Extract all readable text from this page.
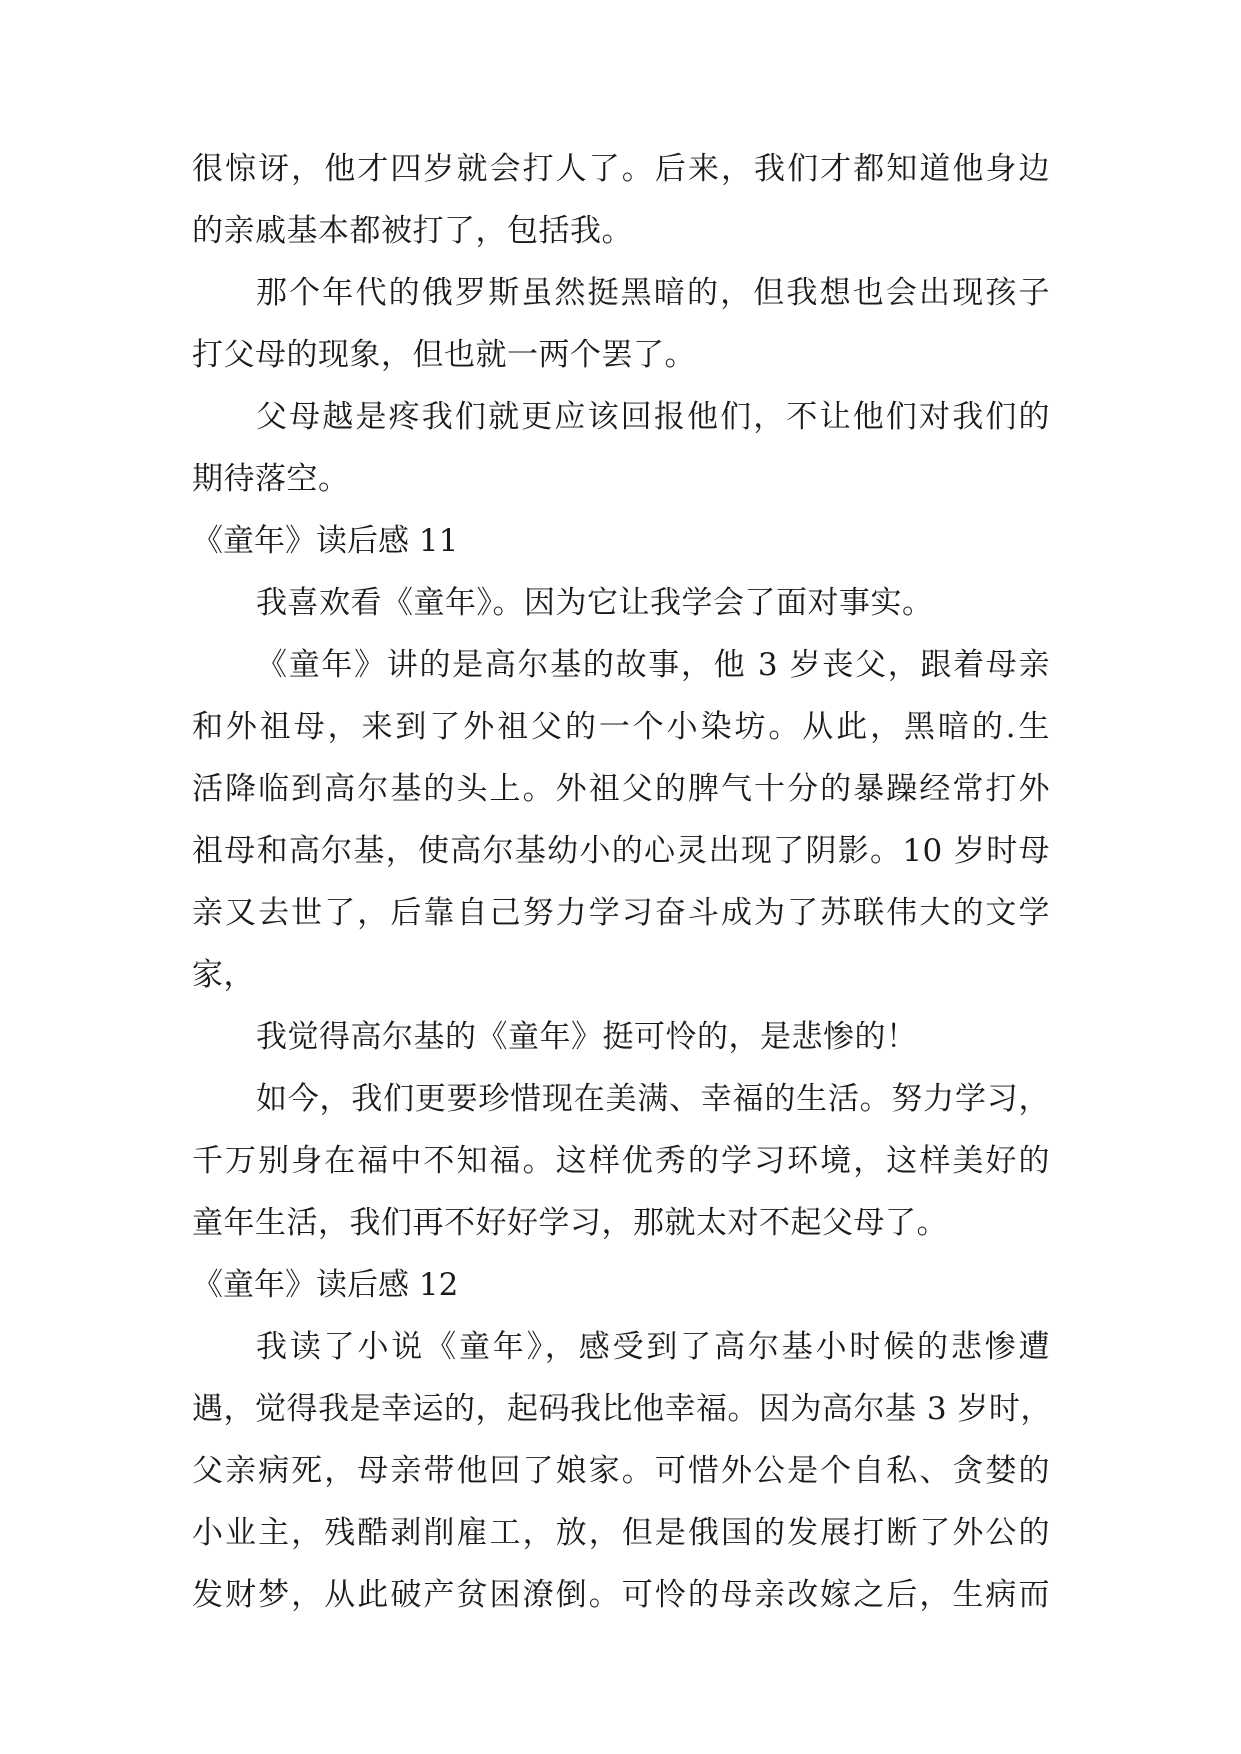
很惊讶，他才四岁就会打人了。后来，我们才都知道他身边
的亲戚基本都被打了，包括我。
那个年代的俄罗斯虽然挺黑暗的，但我想也会出现孩子
打父母的现象，但也就一两个罢了。
父母越是疼我们就更应该回报他们，不让他们对我们的
期待落空。
《童年》读后感 11
我喜欢看《童年》。因为它让我学会了面对事实。
《童年》讲的是高尔基的故事，他 3 岁丧父，跟着母亲
和外祖母，来到了外祖父的一个小染坊。从此，黑暗的.生
活降临到高尔基的头上。外祖父的脾气十分的暴躁经常打外
祖母和高尔基，使高尔基幼小的心灵出现了阴影。10 岁时母
亲又去世了，后靠自己努力学习奋斗成为了苏联伟大的文学
家，
我觉得高尔基的《童年》挺可怜的，是悲惨的！
如今，我们更要珍惜现在美满、幸福的生活。努力学习，
千万别身在福中不知福。这样优秀的学习环境，这样美好的
童年生活，我们再不好好学习，那就太对不起父母了。
《童年》读后感 12
我读了小说《童年》，感受到了高尔基小时候的悲惨遭
遇，觉得我是幸运的，起码我比他幸福。因为高尔基 3 岁时，
父亲病死，母亲带他回了娘家。可惜外公是个自私、贪婪的
小业主，残酷剥削雇工，放，但是俄国的发展打断了外公的
发财梦，从此破产贫困潦倒。可怜的母亲改嫁之后，生病而
